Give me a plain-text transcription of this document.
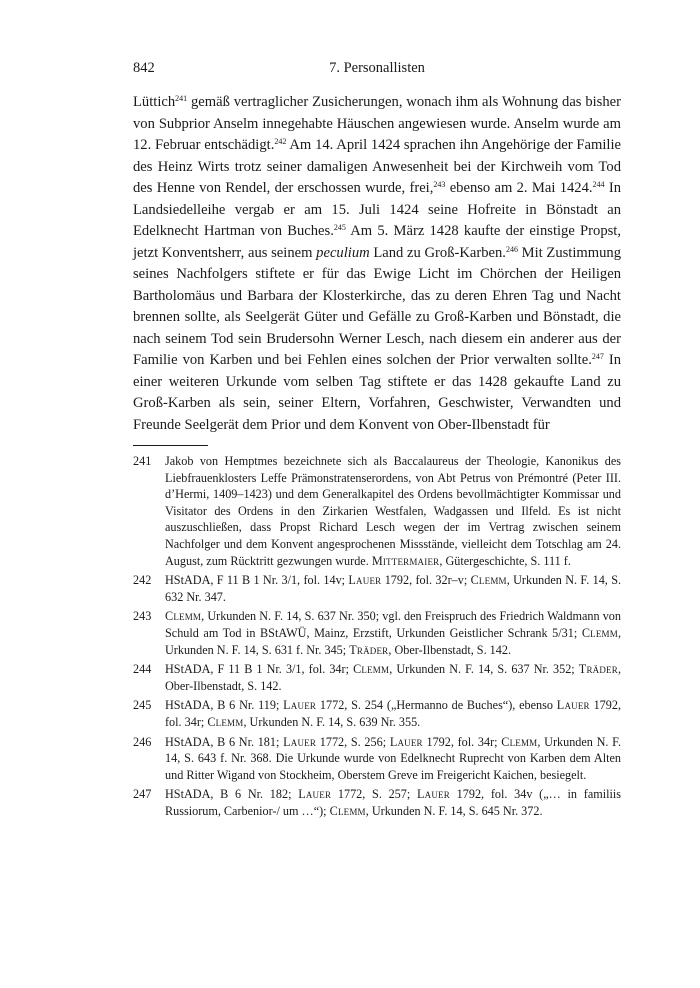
842	7. Personallisten

Lüttich$^{241}$ gemäß vertraglicher Zusicherungen, wonach ihm als Wohnung das bisher von Subprior Anselm innegehabte Häuschen angewiesen wurde. Anselm wurde am 12. Februar entschädigt.$^{242}$ Am 14. April 1424 sprachen ihn Angehörige der Familie des Heinz Wirts trotz seiner damaligen Anwesenheit bei der Kirchweih vom Tod des Henne von Rendel, der erschossen wurde, frei,$^{243}$ ebenso am 2. Mai 1424.$^{244}$ In Landsiedelleihe vergab er am 15. Juli 1424 seine Hofreite in Bönstadt an Edelknecht Hartman von Buches.$^{245}$ Am 5. März 1428 kaufte der einstige Propst, jetzt Konventsherr, aus seinem peculium Land zu Groß-Karben.$^{246}$ Mit Zustimmung seines Nachfolgers stiftete er für das Ewige Licht im Chörchen der Heiligen Bartholomäus und Barbara der Klosterkirche, das zu deren Ehren Tag und Nacht brennen sollte, als Seelgerät Güter und Gefälle zu Groß-Karben und Bönstadt, die nach seinem Tod sein Brudersohn Werner Lesch, nach diesem ein anderer aus der Familie von Karben und bei Fehlen eines solchen der Prior verwalten sollte.$^{247}$ In einer weiteren Urkunde vom selben Tag stiftete er das 1428 gekaufte Land zu Groß-Karben als sein, seiner Eltern, Vorfahren, Geschwister, Verwandten und Freunde Seelgerät dem Prior und dem Konvent von Ober-Ilbenstadt für

241 Jakob von Hemptmes bezeichnete sich als Baccalaureus der Theologie, Kanonikus des Liebfrauenklosters Leffe Prämonstratenserordens, von Abt Petrus von Prémontré (Peter III. d’Hermi, 1409–1423) und dem Generalkapitel des Ordens bevollmächtigter Kommissar und Visitator des Ordens in den Zirkarien Westfalen, Wadgassen und Ilfeld. Es ist nicht auszuschließen, dass Propst Richard Lesch wegen der im Vertrag zwischen seinem Nachfolger und dem Konvent angesprochenen Missstände, vielleicht dem Totschlag am 24. August, zum Rücktritt gezwungen wurde. Mittermaier, Gütergeschichte, S. 111 f.
242 HStADA, F 11 B 1 Nr. 3/1, fol. 14v; Lauer 1792, fol. 32r–v; Clemm, Urkunden N. F. 14, S. 632 Nr. 347.
243 Clemm, Urkunden N. F. 14, S. 637 Nr. 350; vgl. den Freispruch des Friedrich Waldmann von Schuld am Tod in BStAWÜ, Mainz, Erzstift, Urkunden Geistlicher Schrank 5/31; Clemm, Urkunden N. F. 14, S. 631 f. Nr. 345; Träder, Ober-Ilbenstadt, S. 142.
244 HStADA, F 11 B 1 Nr. 3/1, fol. 34r; Clemm, Urkunden N. F. 14, S. 637 Nr. 352; Träder, Ober-Ilbenstadt, S. 142.
245 HStADA, B 6 Nr. 119; Lauer 1772, S. 254 („Hermanno de Buches“), ebenso Lauer 1792, fol. 34r; Clemm, Urkunden N. F. 14, S. 639 Nr. 355.
246 HStADA, B 6 Nr. 181; Lauer 1772, S. 256; Lauer 1792, fol. 34r; Clemm, Urkunden N. F. 14, S. 643 f. Nr. 368. Die Urkunde wurde von Edelknecht Ruprecht von Karben dem Alten und Ritter Wigand von Stockheim, Oberstem Greve im Freigericht Kaichen, besiegelt.
247 HStADA, B 6 Nr. 182; Lauer 1772, S. 257; Lauer 1792, fol. 34v („… in familiis Russiorum, Carbenior-/ um …“); Clemm, Urkunden N. F. 14, S. 645 Nr. 372.
